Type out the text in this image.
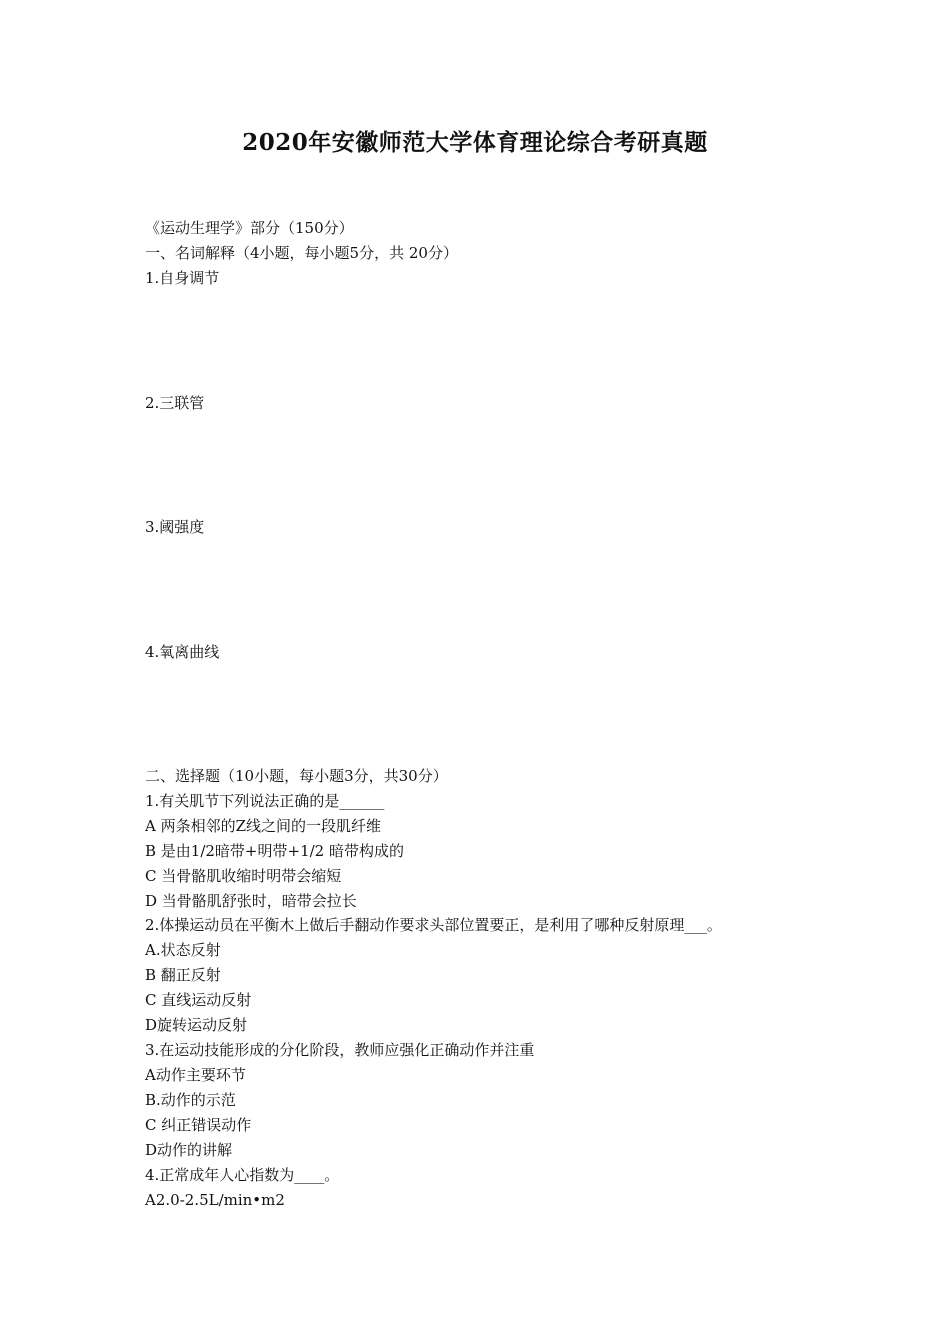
2020年安徽师范大学体育理论综合考研真题
《运动生理学》部分（150分）
一、名词解释（4小题，每小题5分，共 20分）
1.自身调节
2.三联管
3.阈强度
4.氧离曲线
二、选择题（10小题，每小题3分，共30分）
1.有关肌节下列说法正确的是______
A 两条相邻的Z线之间的一段肌纤维
B 是由1/2暗带+明带+1/2 暗带构成的
C 当骨骼肌收缩时明带会缩短
D 当骨骼肌舒张时，暗带会拉长
2.体操运动员在平衡木上做后手翻动作要求头部位置要正，是利用了哪种反射原理___。
A.状态反射
B 翻正反射
C 直线运动反射
D旋转运动反射
3.在运动技能形成的分化阶段，教师应强化正确动作并注重
A动作主要环节
B.动作的示范
C 纠正错误动作
D动作的讲解
4.正常成年人心指数为____。
A2.0-2.5L/min•m2
